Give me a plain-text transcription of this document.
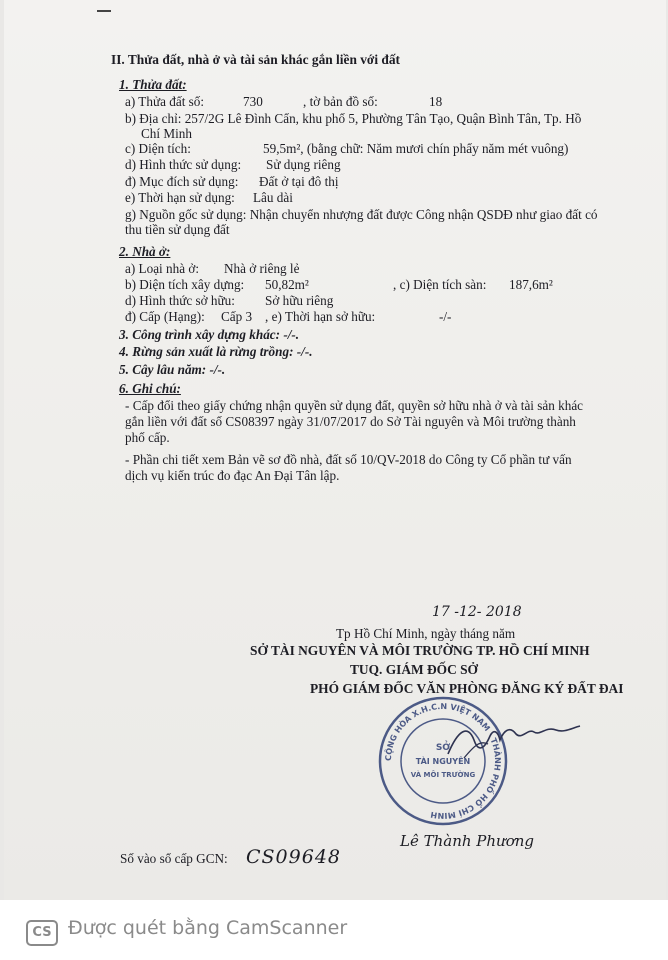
II. Thửa đất, nhà ở và tài sản khác gắn liền với đất
1. Thửa đất:
a) Thửa đất số:	730	, tờ bản đồ số:	18
b) Địa chỉ: 257/2G Lê Đình Cẩn, khu phố 5, Phường Tân Tạo, Quận Bình Tân, Tp. Hồ
Chí Minh
c) Diện tích:	59,5m², (bằng chữ: Năm mươi chín phẩy năm mét vuông)
d) Hình thức sử dụng: Sử dụng riêng
đ) Mục đích sử dụng: Đất ở tại đô thị
e) Thời hạn sử dụng: Lâu dài
g) Nguồn gốc sử dụng: Nhận chuyển nhượng đất được Công nhận QSDĐ như giao đất có
thu tiền sử dụng đất
2. Nhà ở:
a) Loại nhà ở: Nhà ở riêng lẻ
b) Diện tích xây dựng: 50,82m²	, c) Diện tích sàn: 187,6m²
d) Hình thức sở hữu: Sở hữu riêng
đ) Cấp (Hạng): Cấp 3 , e) Thời hạn sở hữu:	-/-
3. Công trình xây dựng khác: -/-.
4. Rừng sản xuất là rừng trồng: -/-.
5. Cây lâu năm: -/-.
6. Ghi chú:
- Cấp đổi theo giấy chứng nhận quyền sử dụng đất, quyền sở hữu nhà ở và tài sản khác
gắn liền với đất số CS08397 ngày 31/07/2017 do Sở Tài nguyên và Môi trường thành
phố cấp.
- Phần chi tiết xem Bản vẽ sơ đồ nhà, đất số 10/QV-2018 do Công ty Cổ phần tư vấn
dịch vụ kiến trúc đo đạc An Đại Tân lập.
17 -12- 2018
Tp Hồ Chí Minh, ngày tháng năm
SỞ TÀI NGUYÊN VÀ MÔI TRƯỜNG TP. HỒ CHÍ MINH
TUQ. GIÁM ĐỐC SỞ
PHÓ GIÁM ĐỐC VĂN PHÒNG ĐĂNG KÝ ĐẤT ĐAI
CỘNG HÒA X.H.C.N VIỆT NAM · THÀNH PHỐ HỒ CHÍ MINH
SỞ
TÀI NGUYÊN
VÀ MÔI TRƯỜNG
Lê Thành Phương
Số vào sổ cấp GCN: CS09648
CS Được quét bằng CamScanner
